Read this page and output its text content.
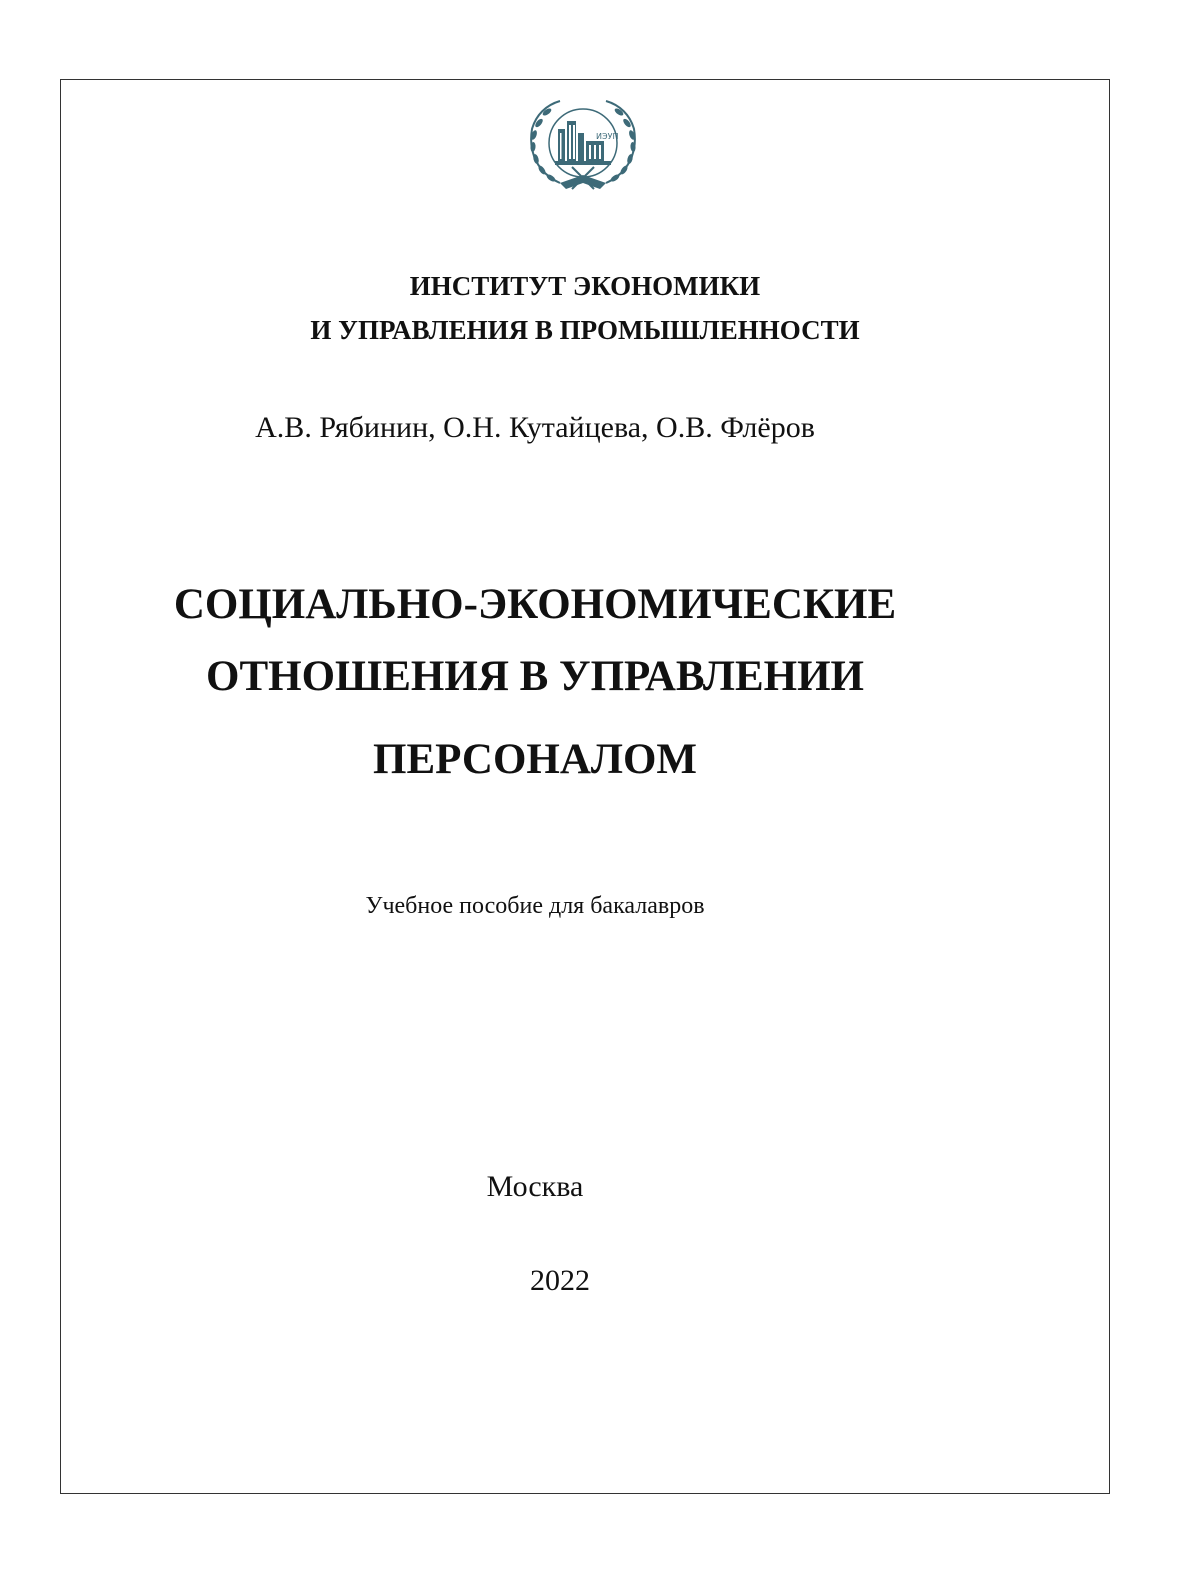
ИЭУП
ИНСТИТУТ ЭКОНОМИКИ
И УПРАВЛЕНИЯ В ПРОМЫШЛЕННОСТИ
А.В. Рябинин, О.Н. Кутайцева, О.В. Флёров
СОЦИАЛЬНО-ЭКОНОМИЧЕСКИЕ
ОТНОШЕНИЯ В УПРАВЛЕНИИ
ПЕРСОНАЛОМ
Учебное пособие для бакалавров
Москва
2022
